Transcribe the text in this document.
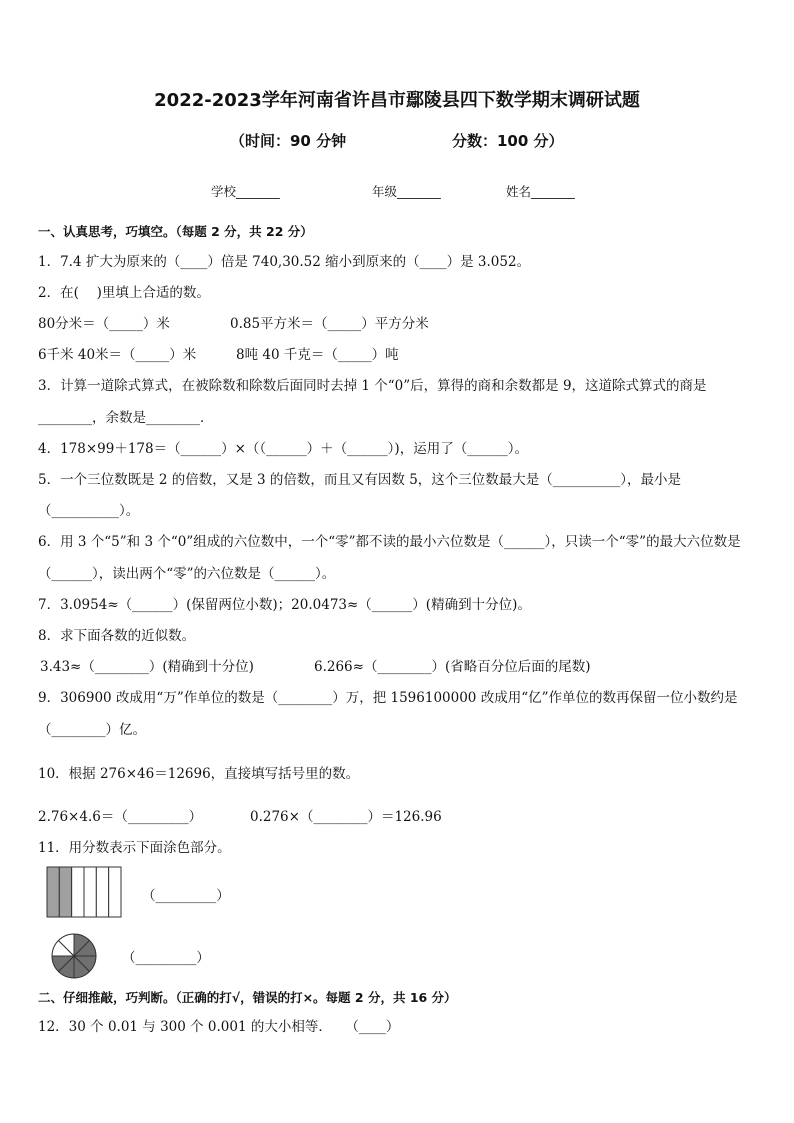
2022-2023学年河南省许昌市鄢陵县四下数学期末调研试题
（时间：90 分钟	分数：100 分）
学校_______	年级_______	姓名_______
一、认真思考，巧填空。（每题 2 分，共 22 分）
1．7.4 扩大为原来的（____）倍是 740,30.52 缩小到原来的（____）是 3.052。
2．在(　 )里填上合适的数。
80分米＝（_____）米	0.85平方米＝（_____）平方分米
6千米 40米＝（_____）米	8吨 40 千克＝（_____）吨
3．计算一道除式算式，在被除数和除数后面同时去掉 1 个“0”后，算得的商和余数都是 9，这道除式算式的商是
________，余数是________．
4．178×99＋178＝（______）×（（______）＋（______）)，运用了（______）。
5．一个三位数既是 2 的倍数，又是 3 的倍数，而且又有因数 5，这个三位数最大是（__________），最小是
（__________）。
6．用 3 个“5”和 3 个“0”组成的六位数中，一个“零”都不读的最小六位数是（______），只读一个“零”的最大六位数是
（______），读出两个“零”的六位数是（______）。
7．3.0954≈（______）(保留两位小数)；20.0473≈（______）(精确到十分位)。
8．求下面各数的近似数。
3.43≈（________）(精确到十分位)	6.266≈（________）(省略百分位后面的尾数)
9．306900 改成用“万”作单位的数是（________）万，把 1596100000 改成用“亿”作单位的数再保留一位小数约是
（________）亿。
10．根据 276×46＝12696，直接填写括号里的数。
2.76×4.6＝（_________）	0.276×（________）＝126.96
11．用分数表示下面涂色部分。
（_________）
（_________）
二、仔细推敲，巧判断。（正确的打√，错误的打×。每题 2 分，共 16 分）
12．30 个 0.01 与 300 个 0.001 的大小相等．　　（____）
